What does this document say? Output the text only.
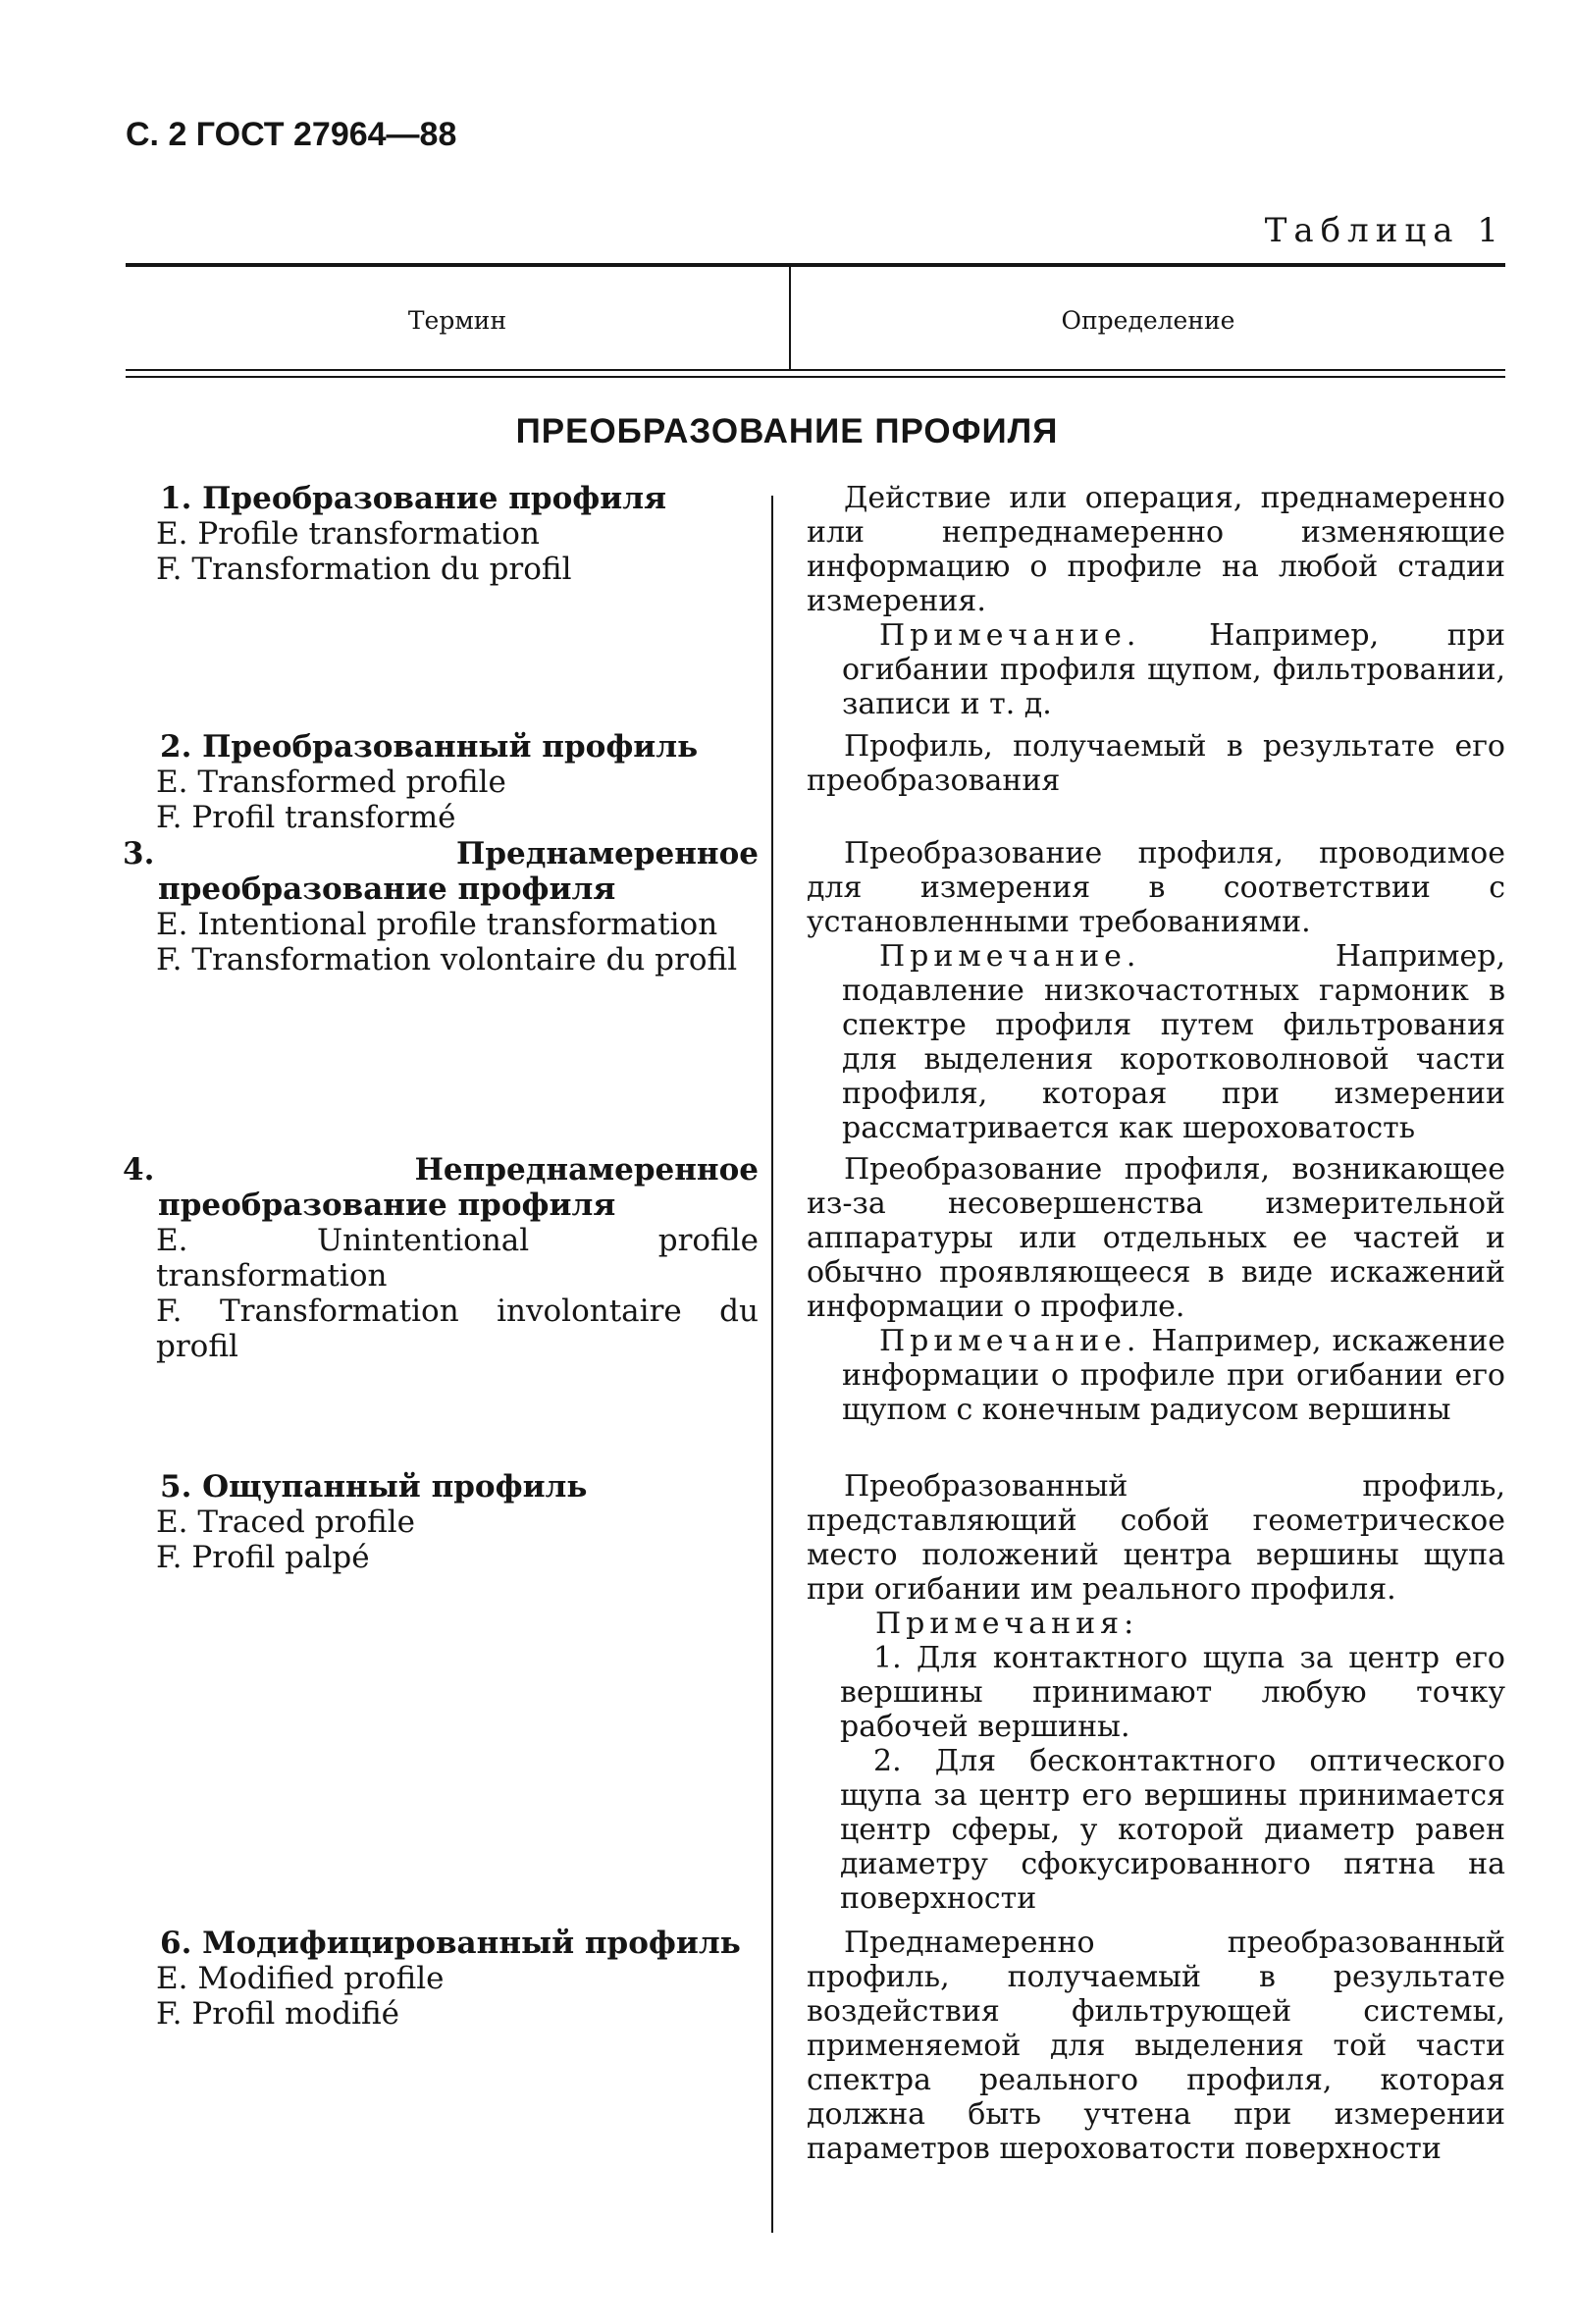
С. 2 ГОСТ 27964—88
Таблица 1
Термин	Определение
ПРЕОБРАЗОВАНИЕ ПРОФИЛЯ
1. Преобразование профиля
E. Profile transformation
F. Transformation du profil

Действие или операция, преднамеренно или непреднамеренно изменяющие информацию о профиле на любой стадии измерения.

Примечание. Например, при огибании профиля щупом, фильтровании, записи и т. д.

2. Преобразованный профиль
E. Transformed profile
F. Profil transformé

Профиль, получаемый в результате его преобразования

3. Преднамеренное преобразование профиля
E. Intentional profile transformation
F. Transformation volontaire du profil

Преобразование профиля, проводимое для измерения в соответствии с установленными требованиями.

Примечание.	Например, подавление низкочастотных гармоник в спектре профиля путем фильтрования для выделения коротковолновой части профиля, которая при измерении рассматривается как шероховатость

4. Непреднамеренное преобразование профиля
E. Unintentional profile transformation
F. Transformation involontaire du profil

Преобразование профиля, возникающее из-за несовершенства измерительной аппаратуры или отдельных ее частей и обычно проявляющееся в виде искажений информации о профиле.

Примечание. Например, искажение информации о профиле при огибании его щупом с конечным радиусом вершины

5. Ощупанный профиль
E. Traced profile
F. Profil palpé

Преобразованный профиль, представляющий собой геометрическое место положений центра вершины щупа при огибании им реального профиля.

Примечания:

1. Для контактного щупа за центр его вершины принимают любую точку рабочей вершины.

2. Для бесконтактного оптического щупа за центр его вершины принимается центр сферы, у которой диаметр равен диаметру сфокусированного пятна на поверхности

6. Модифицированный профиль
E. Modified profile
F. Profil modifié

Преднамеренно преобразованный профиль, получаемый в результате воздействия фильтрующей системы, применяемой для выделения той части спектра реального профиля, которая должна быть учтена при измерении параметров шероховатости поверхности
